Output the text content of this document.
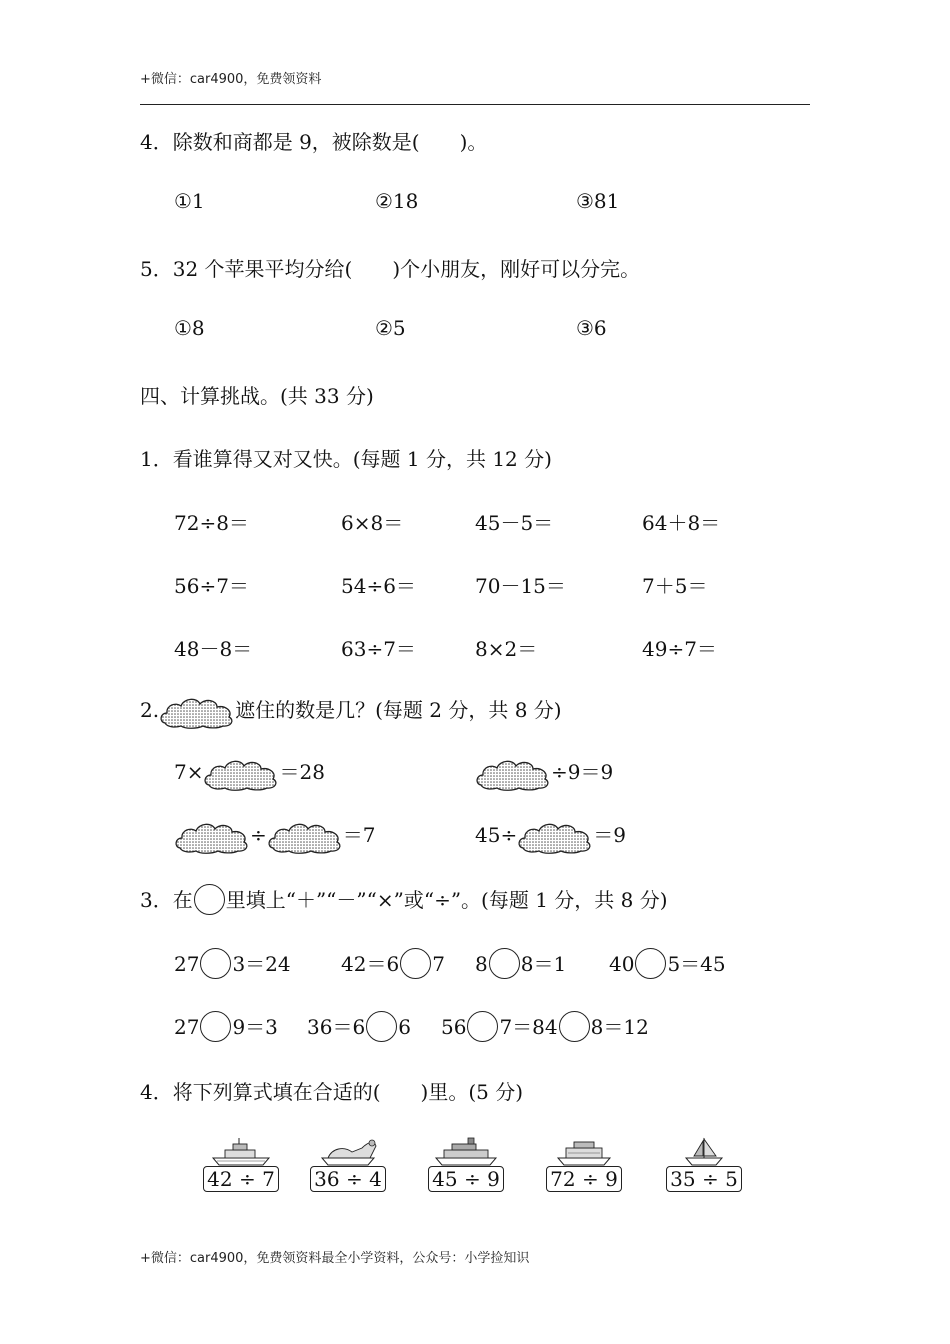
+微信：car4900，免费领资料
4．除数和商都是 9，被除数是(　　)。
①1	②18	③81
5．32 个苹果平均分给(　　)个小朋友，刚好可以分完。
①8	②5	③6
四、计算挑战。(共 33 分)
1．看谁算得又对又快。(每题 1 分，共 12 分)
72÷8＝	6×8＝	45－5＝	64＋8＝
56÷7＝	54÷6＝	70－15＝	7＋5＝
48－8＝	63÷7＝	8×2＝	49÷7＝
2.	遮住的数是几？(每题 2 分，共 8 分)
7×	＝28	÷9＝9
÷	＝7	45÷	＝9
3．在 里填上“＋”“－”“×”或“÷”。(每题 1 分，共 8 分)
27 3＝24	42＝6 7 8 8＝1 40 5＝45
27 9＝3 36＝6 6 56 7＝84 8＝12
4．将下列算式填在合适的(　　)里。(5 分)
42 ÷ 7	36 ÷ 4	45 ÷ 9	72 ÷ 9	35 ÷ 5
+微信：car4900，免费领资料最全小学资料，公众号：小学捡知识
